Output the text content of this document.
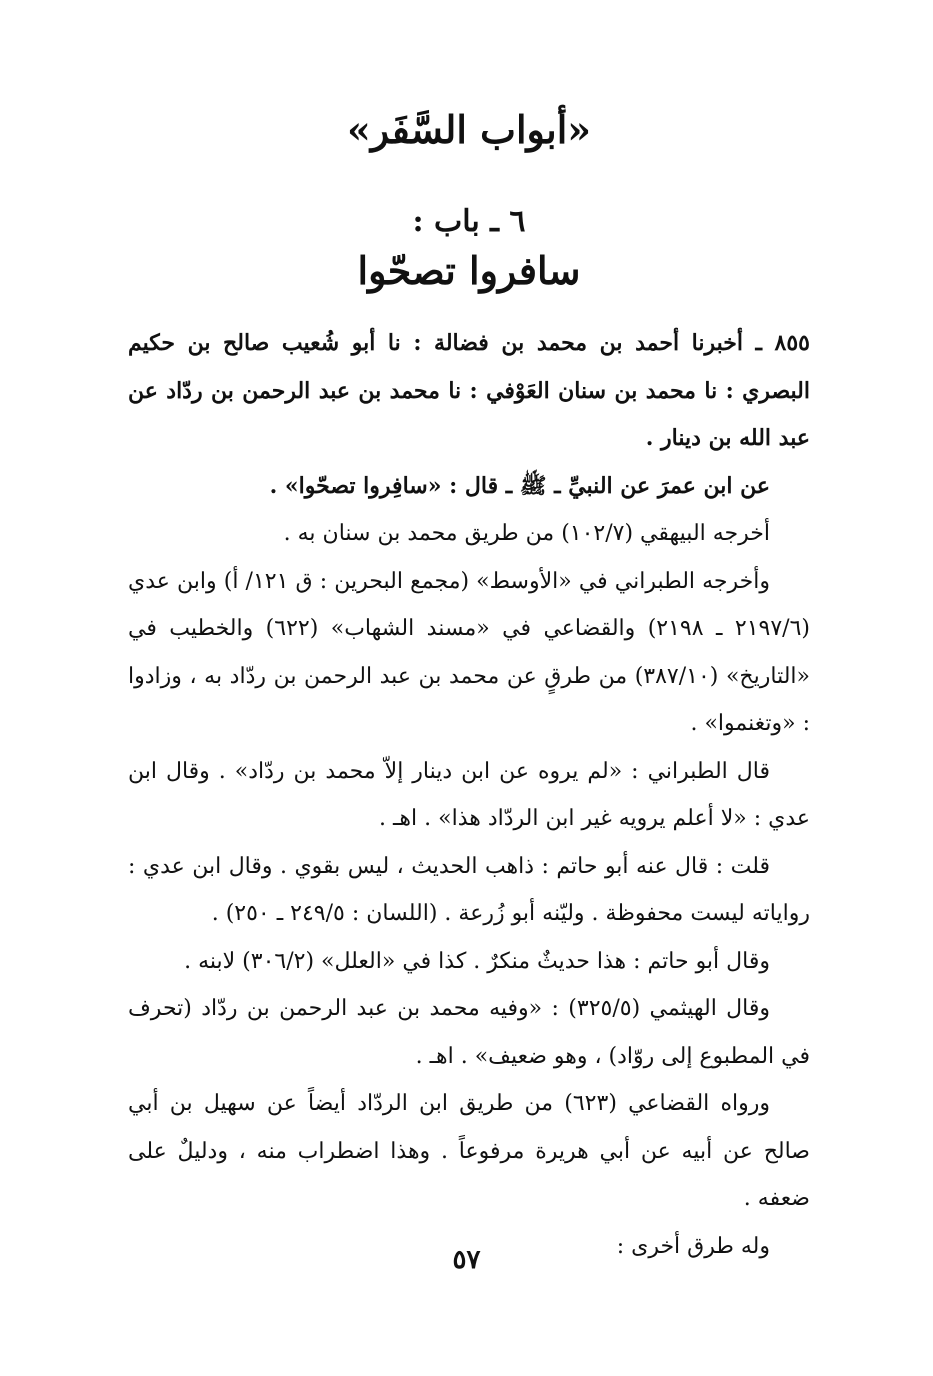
«أبواب السَّفَر»
٦ ـ باب :
سافروا تصحّوا

٨٥٥ ـ أخبرنا أحمد بن محمد بن فضالة : نا أبو شُعيب صالح بن حكيم البصري : نا محمد بن سنان العَوْفي : نا محمد بن عبد الرحمن بن ردّاد عن عبد الله بن دينار .

عن ابن عمرَ عن النبيِّ ـ ﷺ ـ قال : «سافِروا تصحّوا» .

أخرجه البيهقي (١٠٢/٧) من طريق محمد بن سنان به .

وأخرجه الطبراني في «الأوسط» (مجمع البحرين : ق ١٢١/ أ) وابن عدي (٢١٩٧/٦ ـ ٢١٩٨) والقضاعي في «مسند الشهاب» (٦٢٢) والخطيب في «التاريخ» (٣٨٧/١٠) من طرقٍ عن محمد بن عبد الرحمن بن ردّاد به ، وزادوا : «وتغنموا» .

قال الطبراني : «لم يروه عن ابن دينار إلاّ محمد بن ردّاد» . وقال ابن عدي : «لا أعلم يرويه غير ابن الردّاد هذا» . اهـ .

قلت : قال عنه أبو حاتم : ذاهب الحديث ، ليس بقوي . وقال ابن عدي : رواياته ليست محفوظة . وليّنه أبو زُرعة . (اللسان : ٢٤٩/٥ ـ ٢٥٠) .

وقال أبو حاتم : هذا حديثٌ منكرٌ . كذا في «العلل» (٣٠٦/٢) لابنه .

وقال الهيثمي (٣٢٥/٥) : «وفيه محمد بن عبد الرحمن بن ردّاد (تحرف في المطبوع إلى روّاد) ، وهو ضعيف» . اهـ .

ورواه القضاعي (٦٢٣) من طريق ابن الردّاد أيضاً عن سهيل بن أبي صالح عن أبيه عن أبي هريرة مرفوعاً . وهذا اضطراب منه ، ودليلٌ على ضعفه .

وله طرق أخرى :

٥٧
